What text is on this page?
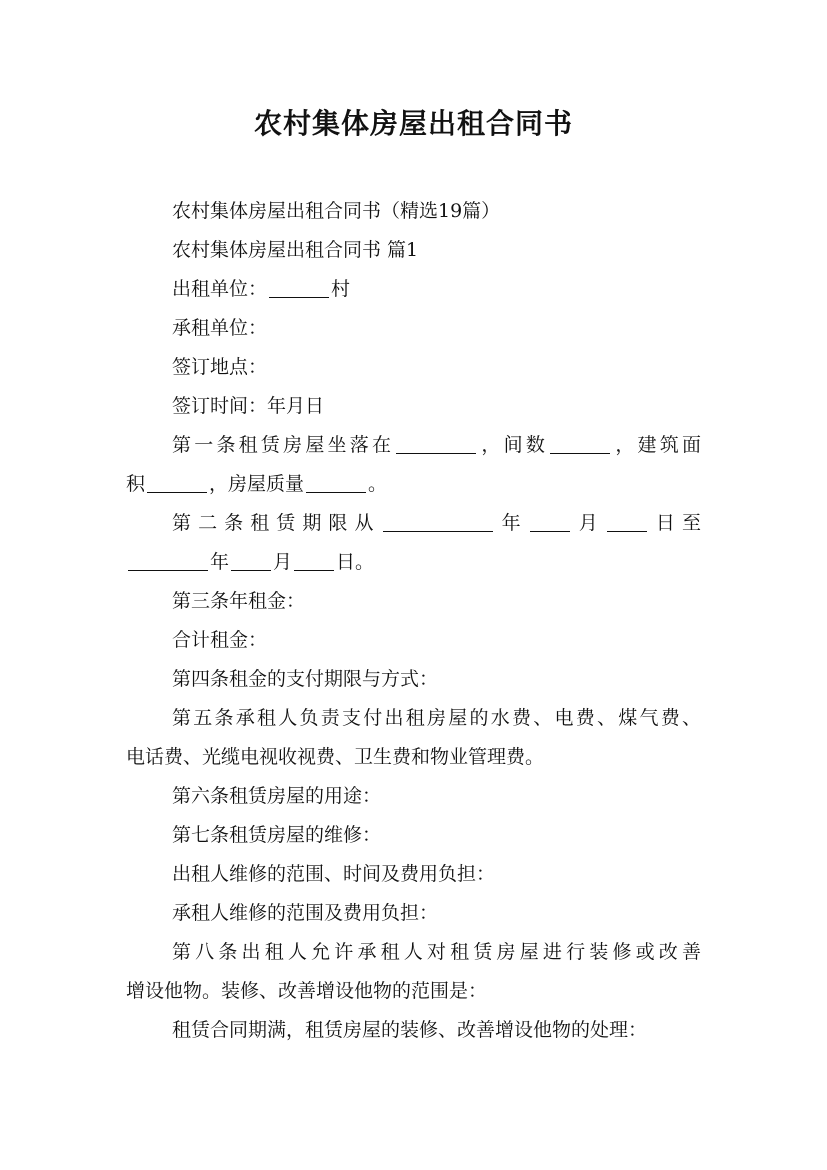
农村集体房屋出租合同书
农村集体房屋出租合同书（精选19篇）
农村集体房屋出租合同书 篇1
出租单位：	村
承租单位：
签订地点：
签订时间：年月日
第一条租赁房屋坐落在	，间数	，建筑面
积	，房屋质量	。
第二条租赁期限从	年 月 日至
年 月 日。
第三条年租金：
合计租金：
第四条租金的支付期限与方式：
第五条承租人负责支付出租房屋的水费、电费、煤气费、
电话费、光缆电视收视费、卫生费和物业管理费。
第六条租赁房屋的用途：
第七条租赁房屋的维修：
出租人维修的范围、时间及费用负担：
承租人维修的范围及费用负担：
第八条出租人允许承租人对租赁房屋进行装修或改善
增设他物。装修、改善增设他物的范围是：
租赁合同期满，租赁房屋的装修、改善增设他物的处理：
